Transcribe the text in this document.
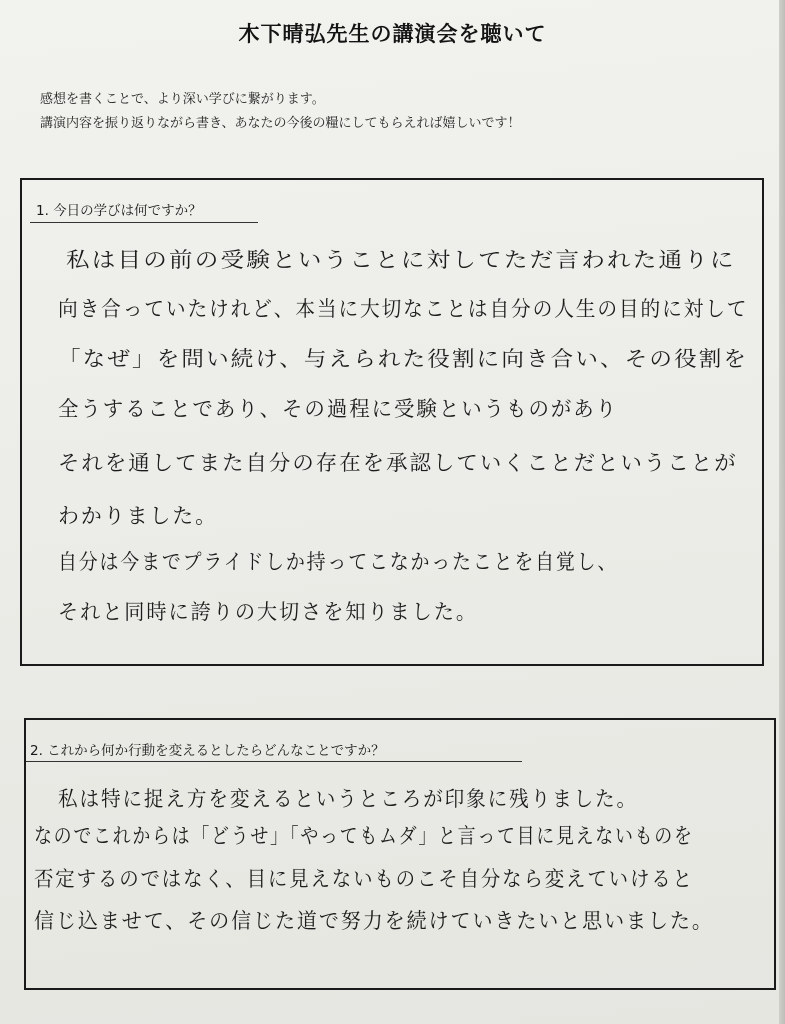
木下晴弘先生の講演会を聴いて
感想を書くことで、より深い学びに繋がります。
講演内容を振り返りながら書き、あなたの今後の糧にしてもらえれば嬉しいです！
1. 今日の学びは何ですか？
私は目の前の受験ということに対してただ言われた通りに
向き合っていたけれど、本当に大切なことは自分の人生の目的に対して
「なぜ」を問い続け、与えられた役割に向き合い、その役割を
全うすることであり、その過程に受験というものがあり
それを通してまた自分の存在を承認していくことだということが
わかりました。
自分は今までプライドしか持ってこなかったことを自覚し、
それと同時に誇りの大切さを知りました。
2. これから何か行動を変えるとしたらどんなことですか？
私は特に捉え方を変えるというところが印象に残りました。
なのでこれからは「どうせ」「やってもムダ」と言って目に見えないものを
否定するのではなく、目に見えないものこそ自分なら変えていけると
信じ込ませて、その信じた道で努力を続けていきたいと思いました。
